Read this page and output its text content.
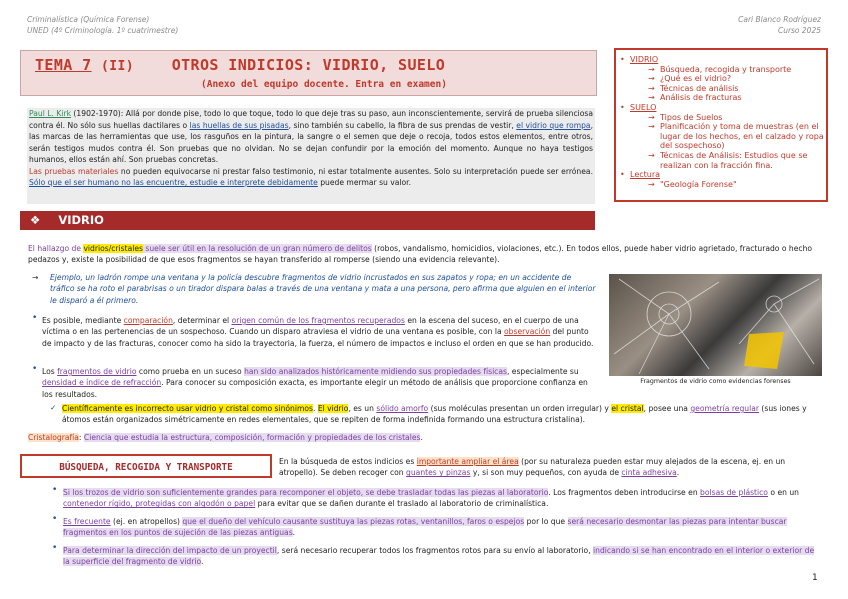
Criminalística (Química Forense)
UNED (4º Criminología. 1º cuatrimestre)
Cari Blanco Rodríguez
Curso 2025
TEMA 7 (II)	OTROS INDICIOS: VIDRIO, SUELO
(Anexo del equipo docente. Entra en examen)
• VIDRIO
→ Búsqueda, recogida y transporte
→ ¿Qué es el vidrio?
→ Técnicas de análisis
→ Análisis de fracturas
• SUELO
→ Tipos de Suelos
→ Planificación y toma de muestras (en el lugar de los hechos, en el calzado y ropa del sospechoso)
→ Técnicas de Análisis: Estudios que se realizan con la fracción fina.
• Lectura
→ "Geología Forense"
Paul L. Kirk (1902-1970): Allá por donde pise, todo lo que toque, todo lo que deje tras su paso, aun inconscientemente, servirá de prueba silenciosa contra él. No sólo sus huellas dactilares o las huellas de sus pisadas, sino también su cabello, la fibra de sus prendas de vestir, el vidrio que rompa, las marcas de las herramientas que use, los rasguños en la pintura, la sangre o el semen que deje o recoja, todos estos elementos, entre otros, serán testigos mudos contra él. Son pruebas que no olvidan. No se dejan confundir por la emoción del momento. Aunque no haya testigos humanos, ellos están ahí. Son pruebas concretas.
Las pruebas materiales no pueden equivocarse ni prestar falso testimonio, ni estar totalmente ausentes. Solo su interpretación puede ser errónea. Sólo que el ser humano no las encuentre, estudie e interprete debidamente puede mermar su valor.
❖ VIDRIO
El hallazgo de vidrios/cristales suele ser útil en la resolución de un gran número de delitos (robos, vandalismo, homicidios, violaciones, etc.). En todos ellos, puede haber vidrio agrietado, fracturado o hecho pedazos y, existe la posibilidad de que esos fragmentos se hayan transferido al romperse (siendo una evidencia relevante).
→	Ejemplo, un ladrón rompe una ventana y la policía descubre fragmentos de vidrio incrustados en sus zapatos y ropa; en un accidente de tráfico se ha roto el parabrisas o un tirador dispara balas a través de una ventana y mata a una persona, pero afirma que alguien en el interior le disparó a él primero.
Fragmentos de vidrio como evidencias forenses
• Es posible, mediante comparación, determinar el origen común de los fragmentos recuperados en la escena del suceso, en el cuerpo de una víctima o en las pertenencias de un sospechoso. Cuando un disparo atraviesa el vidrio de una ventana es posible, con la observación del punto de impacto y de las fracturas, conocer como ha sido la trayectoria, la fuerza, el número de impactos e incluso el orden en que se han producido.
• Los fragmentos de vidrio como prueba en un suceso han sido analizados históricamente midiendo sus propiedades físicas, especialmente su densidad e índice de refracción. Para conocer su composición exacta, es importante elegir un método de análisis que proporcione confianza en los resultados.
✓ Científicamente es incorrecto usar vidrio y cristal como sinónimos. El vidrio, es un sólido amorfo (sus moléculas presentan un orden irregular) y el cristal, posee una geometría regular (sus iones y átomos están organizados simétricamente en redes elementales, que se repiten de forma indefinida formando una estructura cristalina).
Cristalografía: Ciencia que estudia la estructura, composición, formación y propiedades de los cristales.
BÚSQUEDA, RECOGIDA Y TRANSPORTE
En la búsqueda de estos indicios es importante ampliar el área (por su naturaleza pueden estar muy alejados de la escena, ej. en un atropello). Se deben recoger con guantes y pinzas y, si son muy pequeños, con ayuda de cinta adhesiva.
• Si los trozos de vidrio son suficientemente grandes para recomponer el objeto, se debe trasladar todas las piezas al laboratorio. Los fragmentos deben introducirse en bolsas de plástico o en un contenedor rígido, protegidas con algodón o papel para evitar que se dañen durante el traslado al laboratorio de criminalística.
• Es frecuente (ej. en atropellos) que el dueño del vehículo causante sustituya las piezas rotas, ventanillos, faros o espejos por lo que será necesario desmontar las piezas para intentar buscar fragmentos en los puntos de sujeción de las piezas antiguas.
• Para determinar la dirección del impacto de un proyectil, será necesario recuperar todos los fragmentos rotos para su envío al laboratorio, indicando si se han encontrado en el interior o exterior de la superficie del fragmento de vidrio.
1
